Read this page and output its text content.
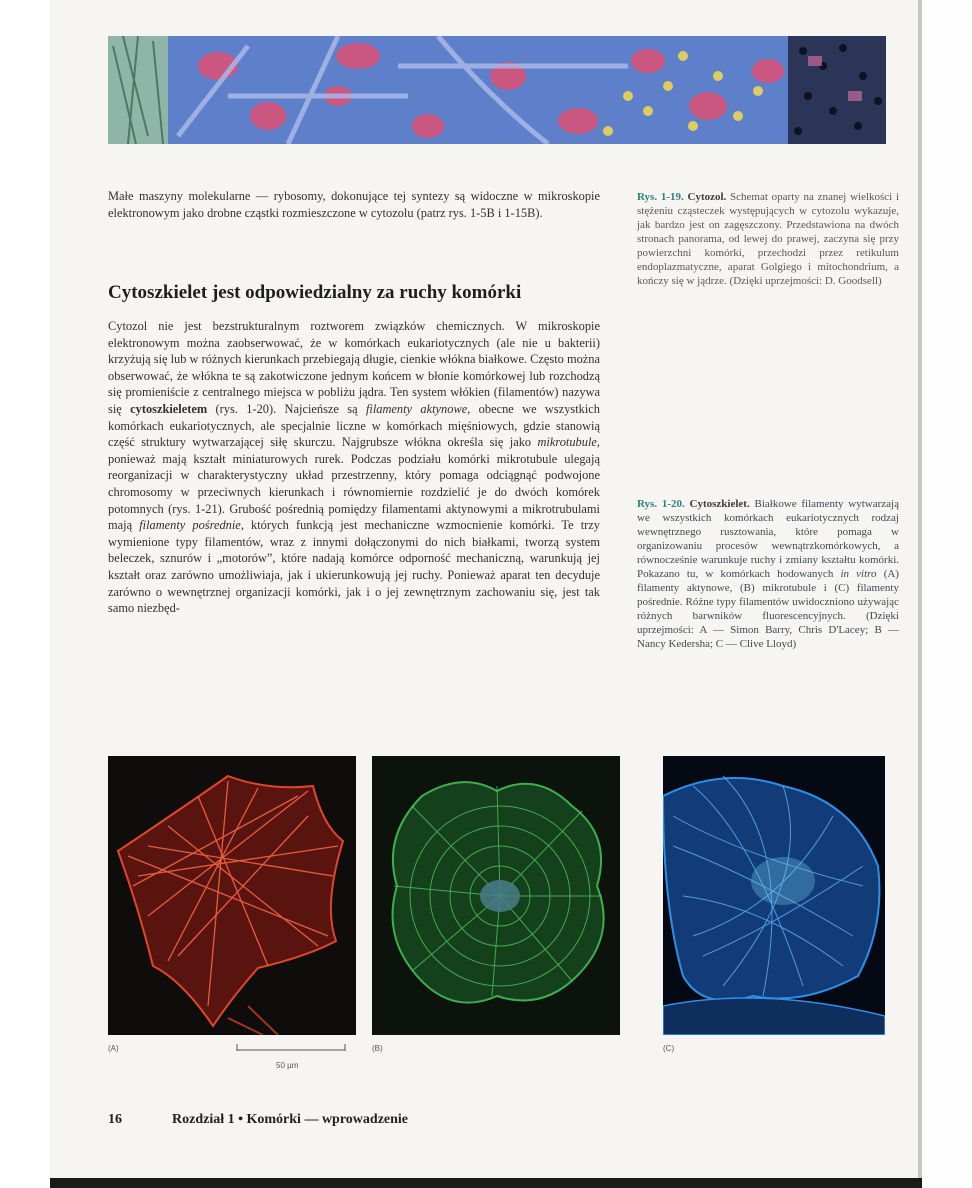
Małe maszyny molekularne — rybosomy, dokonujące tej syntezy są widoczne w mikroskopie elektronowym jako drobne cząstki rozmieszczone w cytozolu (patrz rys. 1-5B i 1-15B).
Cytoszkielet jest odpowiedzialny za ruchy komórki
Cytozol nie jest bezstrukturalnym roztworem związków chemicznych. W mikroskopie elektronowym można zaobserwować, że w komórkach eukariotycznych (ale nie u bakterii) krzyżują się lub w różnych kierunkach przebiegają długie, cienkie włókna białkowe. Często można obserwować, że włókna te są zakotwiczone jednym końcem w błonie komórkowej lub rozchodzą się promieniście z centralnego miejsca w pobliżu jądra. Ten system włókien (filamentów) nazywa się cytoszkieletem (rys. 1-20). Najcieńsze są filamenty aktynowe, obecne we wszystkich komórkach eukariotycznych, ale specjalnie liczne w komórkach mięśniowych, gdzie stanowią część struktury wytwarzającej siłę skurczu. Najgrubsze włókna określa się jako mikrotubule, ponieważ mają kształt miniaturowych rurek. Podczas podziału komórki mikrotubule ulegają reorganizacji w charakterystyczny układ przestrzenny, który pomaga odciągnąć podwojone chromosomy w przeciwnych kierunkach i równomiernie rozdzielić je do dwóch komórek potomnych (rys. 1-21). Grubość pośrednią pomiędzy filamentami aktynowymi a mikrotrubulami mają filamenty pośrednie, których funkcją jest mechaniczne wzmocnienie komórki. Te trzy wymienione typy filamentów, wraz z innymi dołączonymi do nich białkami, tworzą system beleczek, sznurów i „motorów”, które nadają komórce odporność mechaniczną, warunkują jej kształt oraz zarówno umożliwiaja, jak i ukierunkowują jej ruchy. Ponieważ aparat ten decyduje zarówno o wewnętrznej organizacji komórki, jak i o jej zewnętrznym zachowaniu się, jest tak samo niezbęd-
Rys. 1-19. Cytozol. Schemat oparty na znanej wielkości i stężeniu cząsteczek występujących w cytozolu wykazuje, jak bardzo jest on zagęszczony. Przedstawiona na dwóch stronach panorama, od lewej do prawej, zaczyna się przy powierzchni komórki, przechodzi przez retikulum endoplazmatyczne, aparat Golgiego i mitochondrium, a kończy się w jądrze. (Dzięki uprzejmości: D. Goodsell)
Rys. 1-20. Cytoszkielet. Białkowe filamenty wytwarzają we wszystkich komórkach eukariotycznych rodzaj wewnętrznego rusztowania, które pomaga w organizowaniu procesów wewnątrzkomórkowych, a równocześnie warunkuje ruchy i zmiany kształtu komórki. Pokazano tu, w komórkach hodowanych in vitro (A) filamenty aktynowe, (B) mikrotubule i (C) filamenty pośrednie. Różne typy filamentów uwidoczniono używając różnych barwników fluorescencyjnych. (Dzięki uprzejmości: A — Simon Barry, Chris D'Lacey; B — Nancy Kedersha; C — Clive Lloyd)
(A)	(B)	(C)
50 µm
16	Rozdział 1 • Komórki — wprowadzenie
